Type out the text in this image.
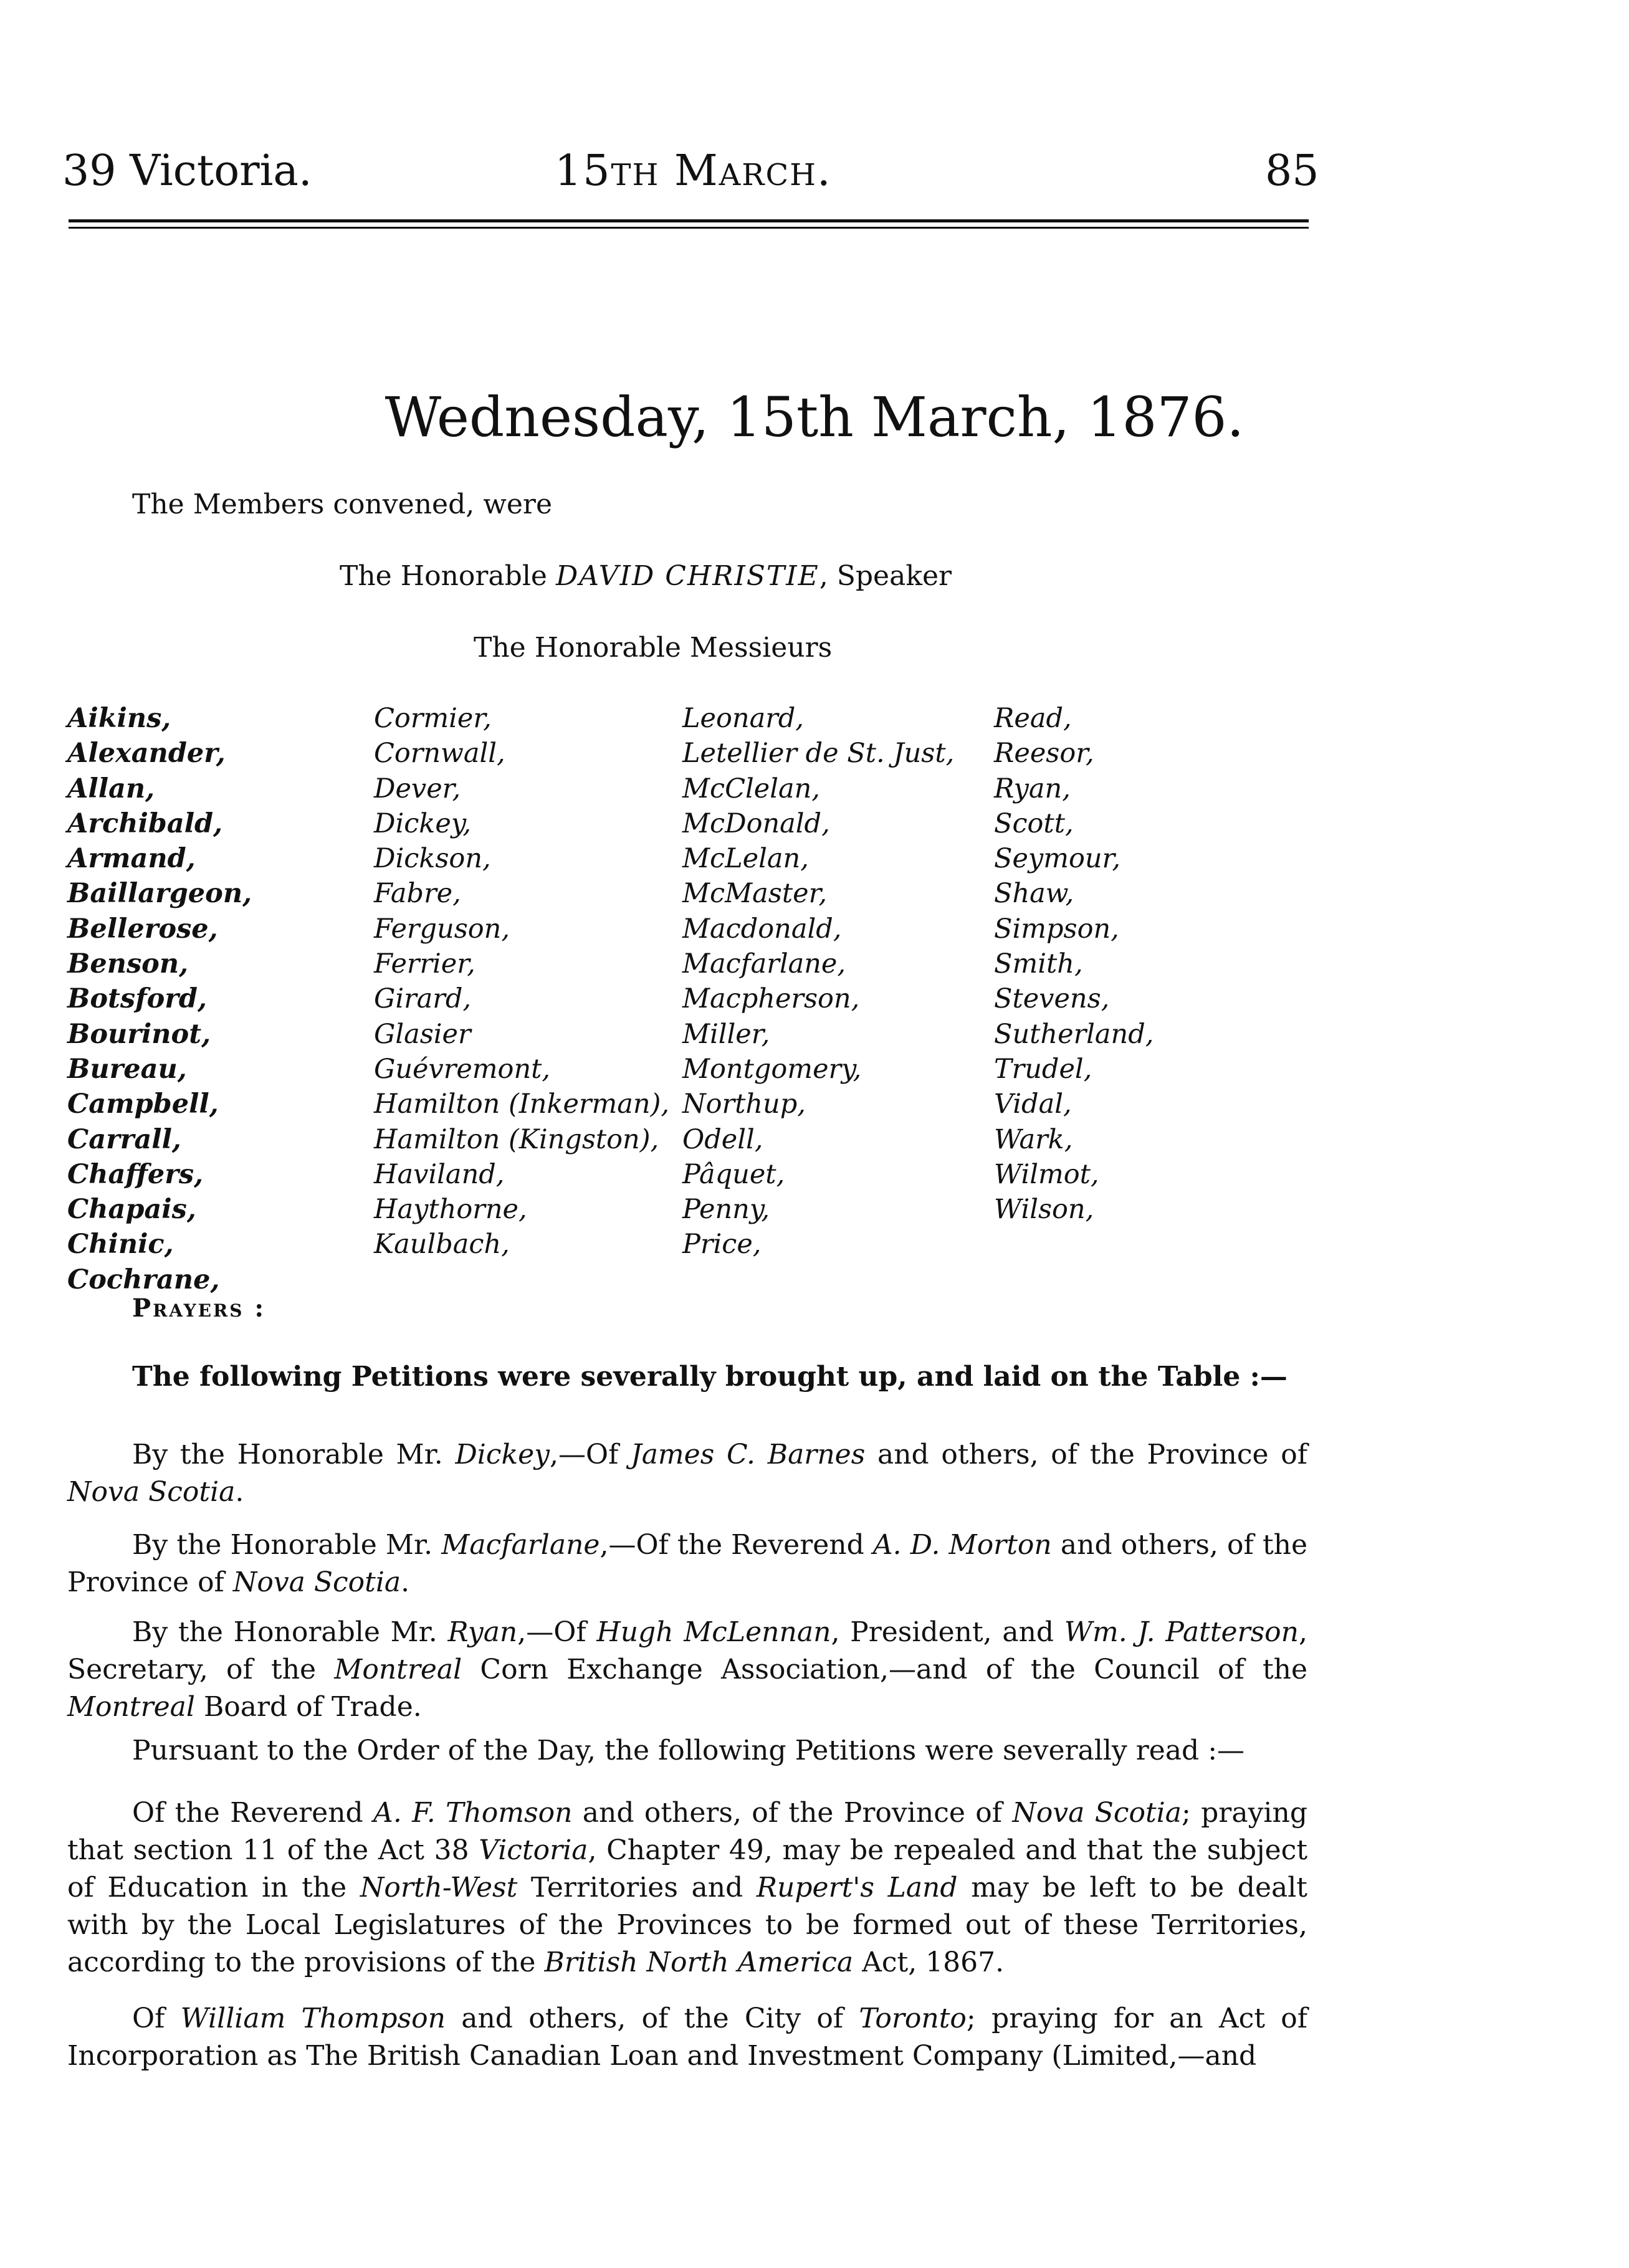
39 Victoria.	15th March.	85
Wednesday, 15th March, 1876.
The Members convened, were
The Honorable DAVID CHRISTIE, Speaker
The Honorable Messieurs
Aikins,
Alexander,
Allan,
Archibald,
Armand,
Baillargeon,
Bellerose,
Benson,
Botsford,
Bourinot,
Bureau,
Campbell,
Carrall,
Chaffers,
Chapais,
Chinic,
Cochrane,
Cormier,
Cornwall,
Dever,
Dickey,
Dickson,
Fabre,
Ferguson,
Ferrier,
Girard,
Glasier
Guévremont,
Hamilton (Inkerman),
Hamilton (Kingston),
Haviland,
Haythorne,
Kaulbach,
Leonard,
Letellier de St. Just,
McClelan,
McDonald,
McLelan,
McMaster,
Macdonald,
Macfarlane,
Macpherson,
Miller,
Montgomery,
Northup,
Odell,
Pâquet,
Penny,
Price,
Read,
Reesor,
Ryan,
Scott,
Seymour,
Shaw,
Simpson,
Smith,
Stevens,
Sutherland,
Trudel,
Vidal,
Wark,
Wilmot,
Wilson,
Prayers :
The following Petitions were severally brought up, and laid on the Table :—

By the Honorable Mr. Dickey,—Of James C. Barnes and others, of the Province of Nova Scotia.

By the Honorable Mr. Macfarlane,—Of the Reverend A. D. Morton and others, of the Province of Nova Scotia.

By the Honorable Mr. Ryan,—Of Hugh McLennan, President, and Wm. J. Patterson, Secretary, of the Montreal Corn Exchange Association,—and of the Council of the Montreal Board of Trade.

Pursuant to the Order of the Day, the following Petitions were severally read :—

Of the Reverend A. F. Thomson and others, of the Province of Nova Scotia; praying that section 11 of the Act 38 Victoria, Chapter 49, may be repealed and that the subject of Education in the North-West Territories and Rupert's Land may be left to be dealt with by the Local Legislatures of the Provinces to be formed out of these Territories, according to the provisions of the British North America Act, 1867.

Of William Thompson and others, of the City of Toronto; praying for an Act of Incorporation as The British Canadian Loan and Investment Company (Limited,—and
